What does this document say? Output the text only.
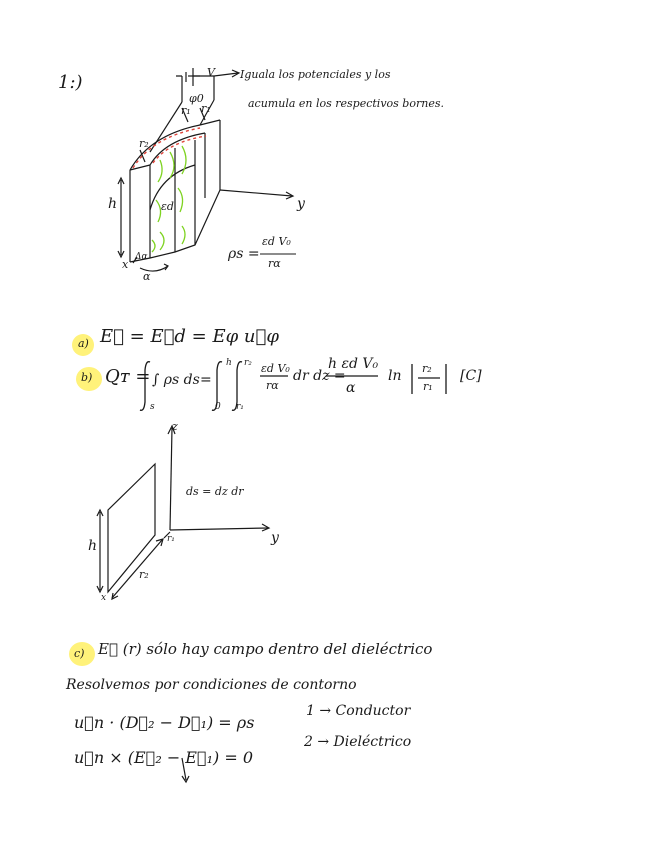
1:)	Iguala los potenciales y los
acumula en los respectivos bornes.
V
φ0
r₁ r₁
r₂
h	εd	y
x
Δα
α
ρs =
εd V₀
rα
a) E⃗ = E⃗d = Eφ u⃗φ
b) Qᴛ = ∫ ρs ds
s
=
h
0
r₂
r₁
εd V₀
rα
dr dz =
h εd V₀
α
ln r₂
r₁
[C]
z
y
h	r₁
r₂
x
ds = dz dr
c) E⃗ (r) sólo hay campo dentro del dieléctrico
Resolvemos por condiciones de contorno
u⃗n · (D⃗₂ − D⃗₁) = ρs
u⃗n × (E⃗₂ − E⃗₁) = 0
1 → Conductor
2 → Dieléctrico
